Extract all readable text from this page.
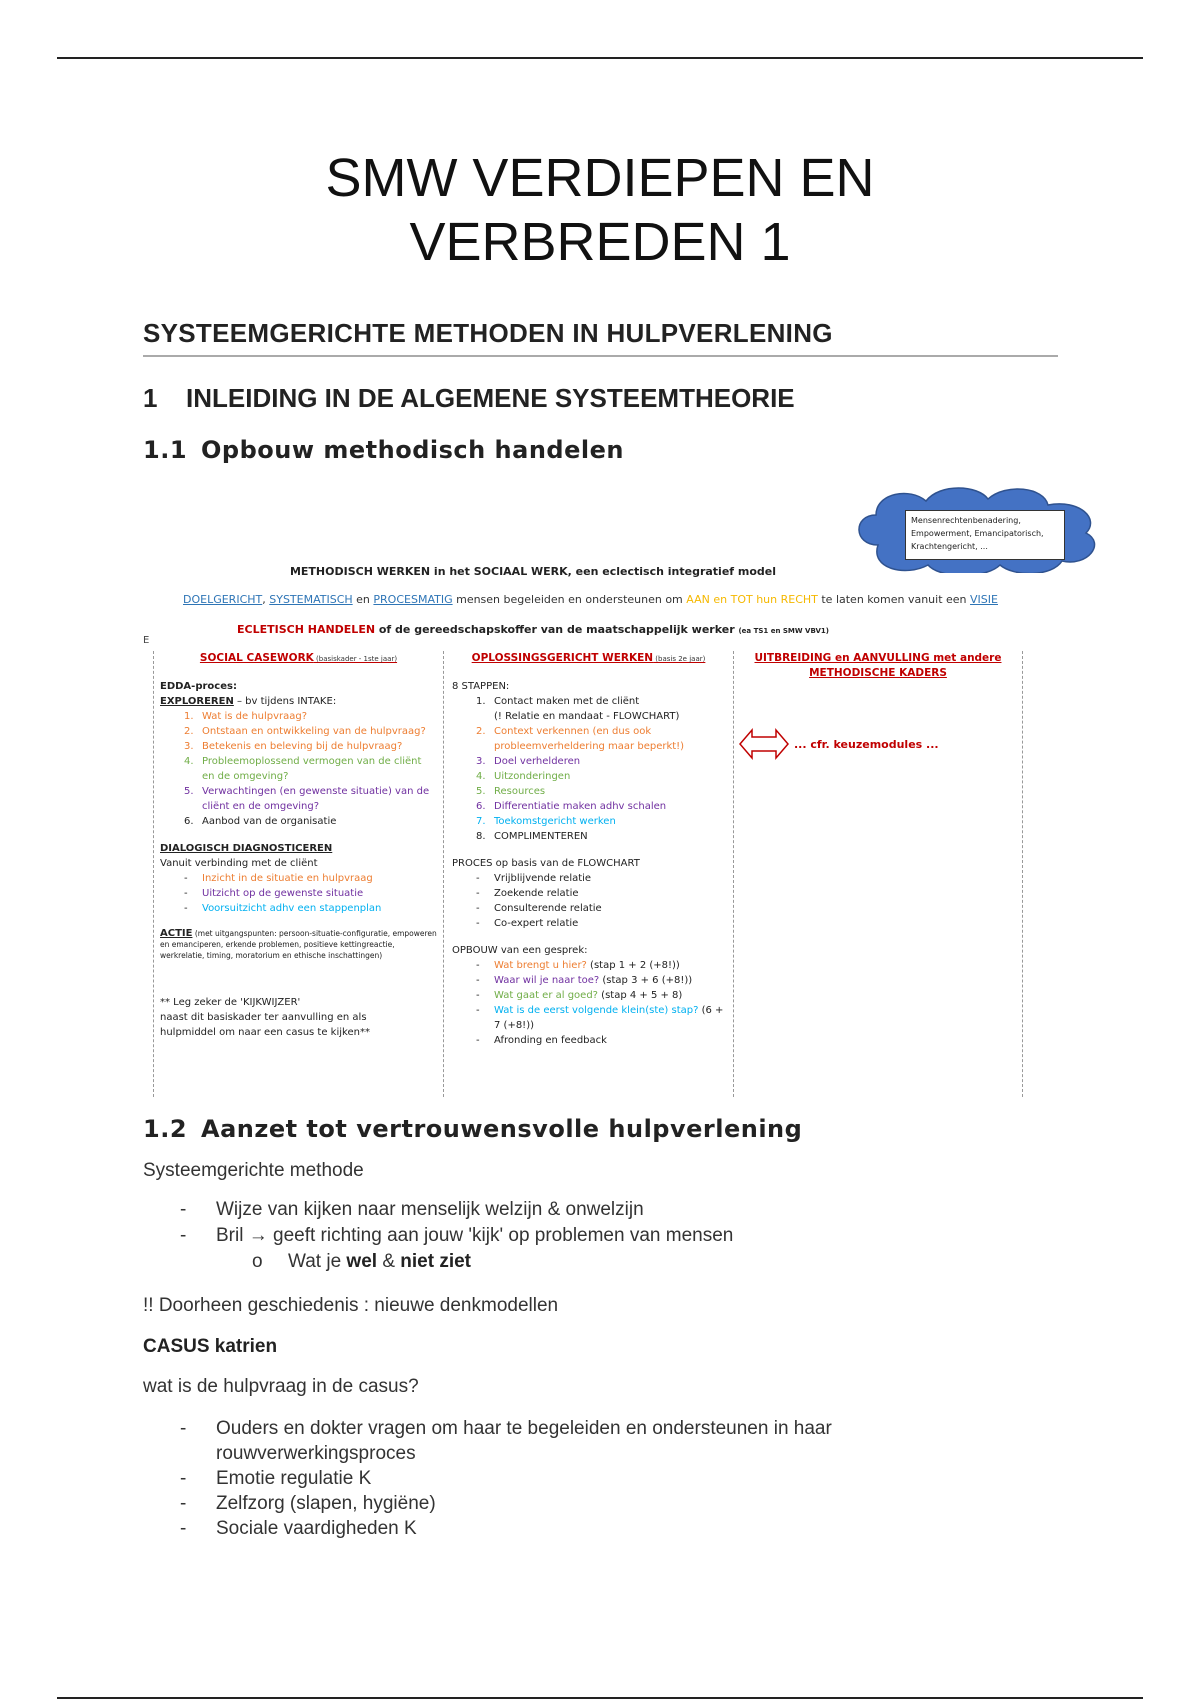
SMW VERDIEPEN EN
VERBREDEN 1
SYSTEEMGERICHTE METHODEN IN HULPVERLENING
1 INLEIDING IN DE ALGEMENE SYSTEEMTHEORIE
1.1 Opbouw methodisch handelen
Mensenrechtenbenadering,
Empowerment, Emancipatorisch,
Krachtengericht, ...
METHODISCH WERKEN in het SOCIAAL WERK, een eclectisch integratief model
DOELGERICHT, SYSTEMATISCH en PROCESMATIG mensen begeleiden en ondersteunen om AAN en TOT hun RECHT te laten komen vanuit een VISIE
ECLETISCH HANDELEN of de gereedschapskoffer van de maatschappelijk werker (ea TS1 en SMW VBV1)
E
SOCIAL CASEWORK (basiskader - 1ste jaar)
EDDA-proces:
EXPLOREREN – bv tijdens INTAKE:
1. Wat is de hulpvraag?
2. Ontstaan en ontwikkeling van de hulpvraag?
3. Betekenis en beleving bij de hulpvraag?
4. Probleemoplossend vermogen van de cliënt en de omgeving?
5. Verwachtingen (en gewenste situatie) van de cliënt en de omgeving?
6. Aanbod van de organisatie
DIALOGISCH DIAGNOSTICEREN
Vanuit verbinding met de cliënt
- Inzicht in de situatie en hulpvraag
- Uitzicht op de gewenste situatie
- Voorsuitzicht adhv een stappenplan
ACTIE (met uitgangspunten: persoon-situatie-configuratie, empoweren en emanciperen, erkende problemen, positieve kettingreactie, werkrelatie, timing, moratorium en ethische inschattingen)
** Leg zeker de 'KIJKWIJZER'
naast dit basiskader ter aanvulling en als
hulpmiddel om naar een casus te kijken**
OPLOSSINGSGERICHT WERKEN (basis 2e jaar)
8 STAPPEN:
1. Contact maken met de cliënt
(! Relatie en mandaat - FLOWCHART)
2. Context verkennen (en dus ook probleemverheldering maar beperkt!)
3. Doel verhelderen
4. Uitzonderingen
5. Resources
6. Differentiatie maken adhv schalen
7. Toekomstgericht werken
8. COMPLIMENTEREN
PROCES op basis van de FLOWCHART
- Vrijblijvende relatie
- Zoekende relatie
- Consulterende relatie
- Co-expert relatie
OPBOUW van een gesprek:
- Wat brengt u hier? (stap 1 + 2 (+8!))
- Waar wil je naar toe? (stap 3 + 6 (+8!))
- Wat gaat er al goed? (stap 4 + 5 + 8)
- Wat is de eerst volgende klein(ste) stap? (6 + 7 (+8!))
- Afronding en feedback
UITBREIDING en AANVULLING met andere METHODISCHE KADERS
... cfr. keuzemodules ...
1.2 Aanzet tot vertrouwensvolle hulpverlening
Systeemgerichte methode
- Wijze van kijken naar menselijk welzijn & onwelzijn
- Bril → geeft richting aan jouw 'kijk' op problemen van mensen
o Wat je wel & niet ziet
!! Doorheen geschiedenis : nieuwe denkmodellen
CASUS katrien
wat is de hulpvraag in de casus?
- Ouders en dokter vragen om haar te begeleiden en ondersteunen in haar
rouwverwerkingsproces
- Emotie regulatie K
- Zelfzorg (slapen, hygiëne)
- Sociale vaardigheden K
